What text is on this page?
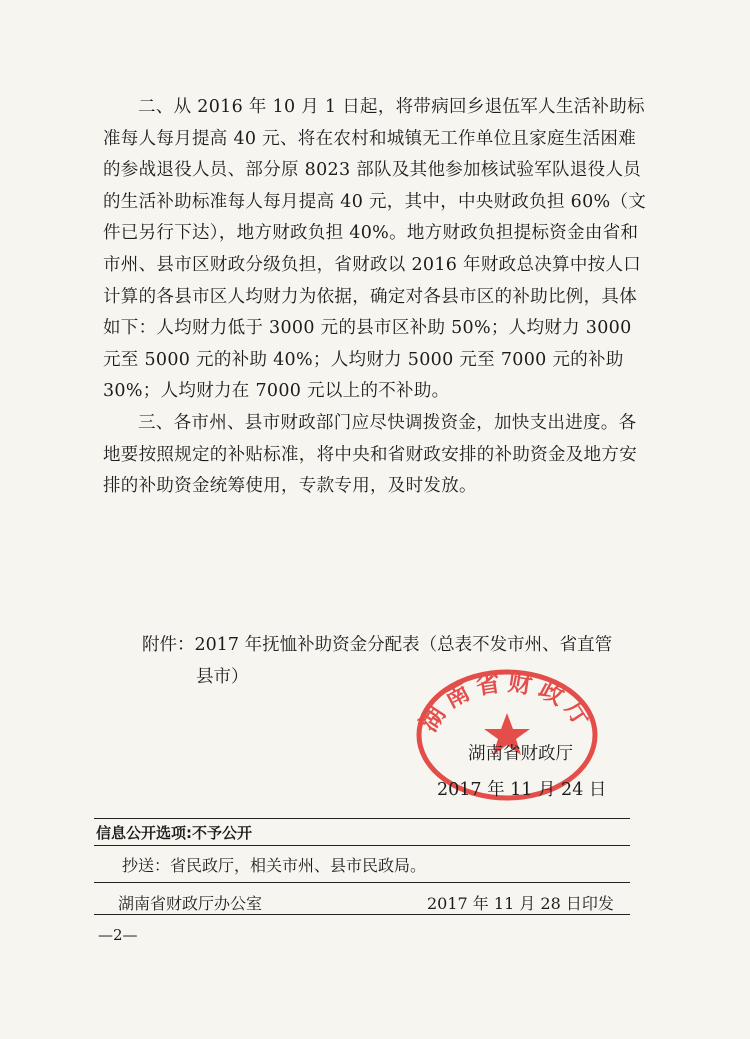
二、从 2016 年 10 月 1 日起，将带病回乡退伍军人生活补助标准每人每月提高 40 元、将在农村和城镇无工作单位且家庭生活困难的参战退役人员、部分原 8023 部队及其他参加核试验军队退役人员的生活补助标准每人每月提高 40 元，其中，中央财政负担 60%（文件已另行下达），地方财政负担 40%。地方财政负担提标资金由省和市州、县市区财政分级负担，省财政以 2016 年财政总决算中按人口计算的各县市区人均财力为依据，确定对各县市区的补助比例，具体如下：人均财力低于 3000 元的县市区补助 50%；人均财力 3000 元至 5000 元的补助 40%；人均财力 5000 元至 7000 元的补助 30%；人均财力在 7000 元以上的不补助。

三、各市州、县市财政部门应尽快调拨资金，加快支出进度。各地要按照规定的补贴标准，将中央和省财政安排的补助资金及地方安排的补助资金统筹使用，专款专用，及时发放。

附件：2017 年抚恤补助资金分配表（总表不发市州、省直管
县市）
湖南省财政厅
湖南省财政厅
2017 年 11 月 24 日
信息公开选项:不予公开
抄送：省民政厅，相关市州、县市民政局。
湖南省财政厅办公室	2017 年 11 月 28 日印发
—2—
